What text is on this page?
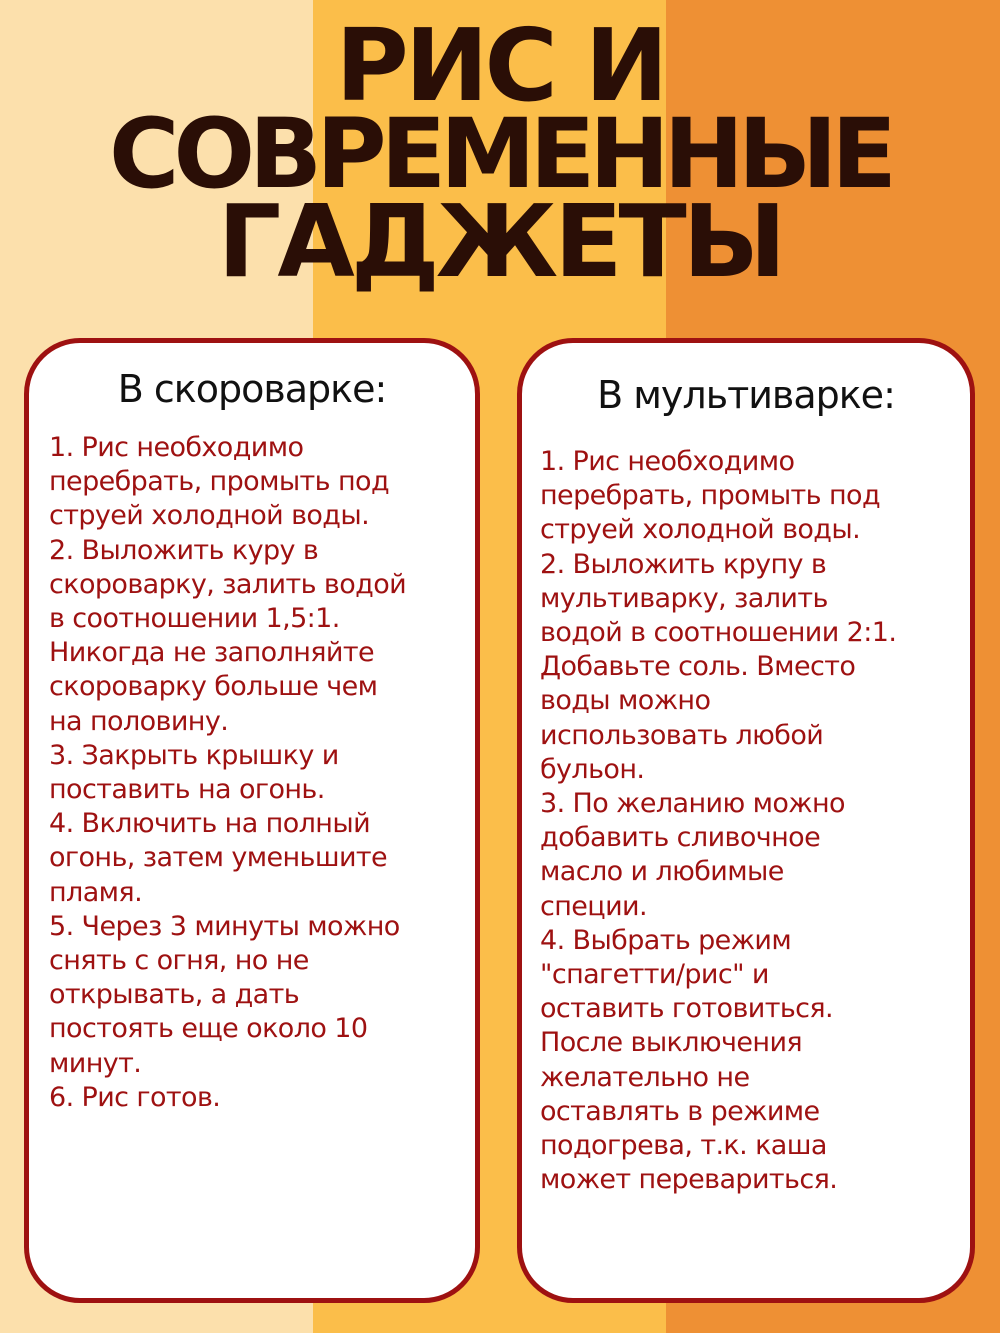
РИС И
СОВРЕМЕННЫЕ
ГАДЖЕТЫ
В скороварке:
1. Рис необходимо
перебрать, промыть под
струей холодной воды.
2. Выложить куру в
скороварку, залить водой
в соотношении 1,5:1.
Никогда не заполняйте
скороварку больше чем
на половину.
3. Закрыть крышку и
поставить на огонь.
4. Включить на полный
огонь, затем уменьшите
пламя.
5. Через 3 минуты можно
снять с огня, но не
открывать, а дать
постоять еще около 10
минут.
6. Рис готов.
В мультиварке:
1. Рис необходимо
перебрать, промыть под
струей холодной воды.
2. Выложить крупу в
мультиварку, залить
водой в соотношении 2:1.
Добавьте соль. Вместо
воды можно
использовать любой
бульон.
3. По желанию можно
добавить сливочное
масло и любимые
специи.
4. Выбрать режим
"спагетти/рис" и
оставить готовиться.
После выключения
желательно не
оставлять в режиме
подогрева, т.к. каша
может перевариться.
